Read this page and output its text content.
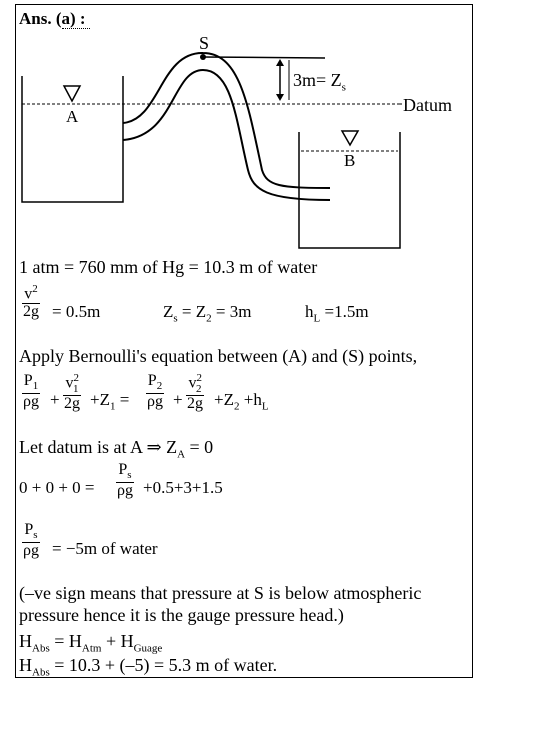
Ans. (a) :
S
A
B
Datum
$3m= Z_s$
1 atm = 760 mm of Hg = 10.3 m of water
$v^2$
2g = 0.5m	$Z_s = Z_2 = 3m$	$h_L =1.5m$
Apply Bernoulli's equation between (A) and (S) points,
$P_1$
ρg +
$v^2_1$
$2g +Z_1$ =
$P_2$
ρg +
$v^2_2$
$2g +Z_2 +h_L$
Let datum is at A ⇒ $Z_A = 0$
0 + 0 + 0 =
$P_s$
ρg +0.5+3+1.5
$P_s$
ρg = −5m of water
(–ve sign means that pressure at S is below atmospheric
pressure hence it is the gauge pressure head.)
$H_{Abs} = H_{Atm} + H_{Guage}$
$H_{Abs} = 10.3 + (-5) = 5.3$ m of water.
